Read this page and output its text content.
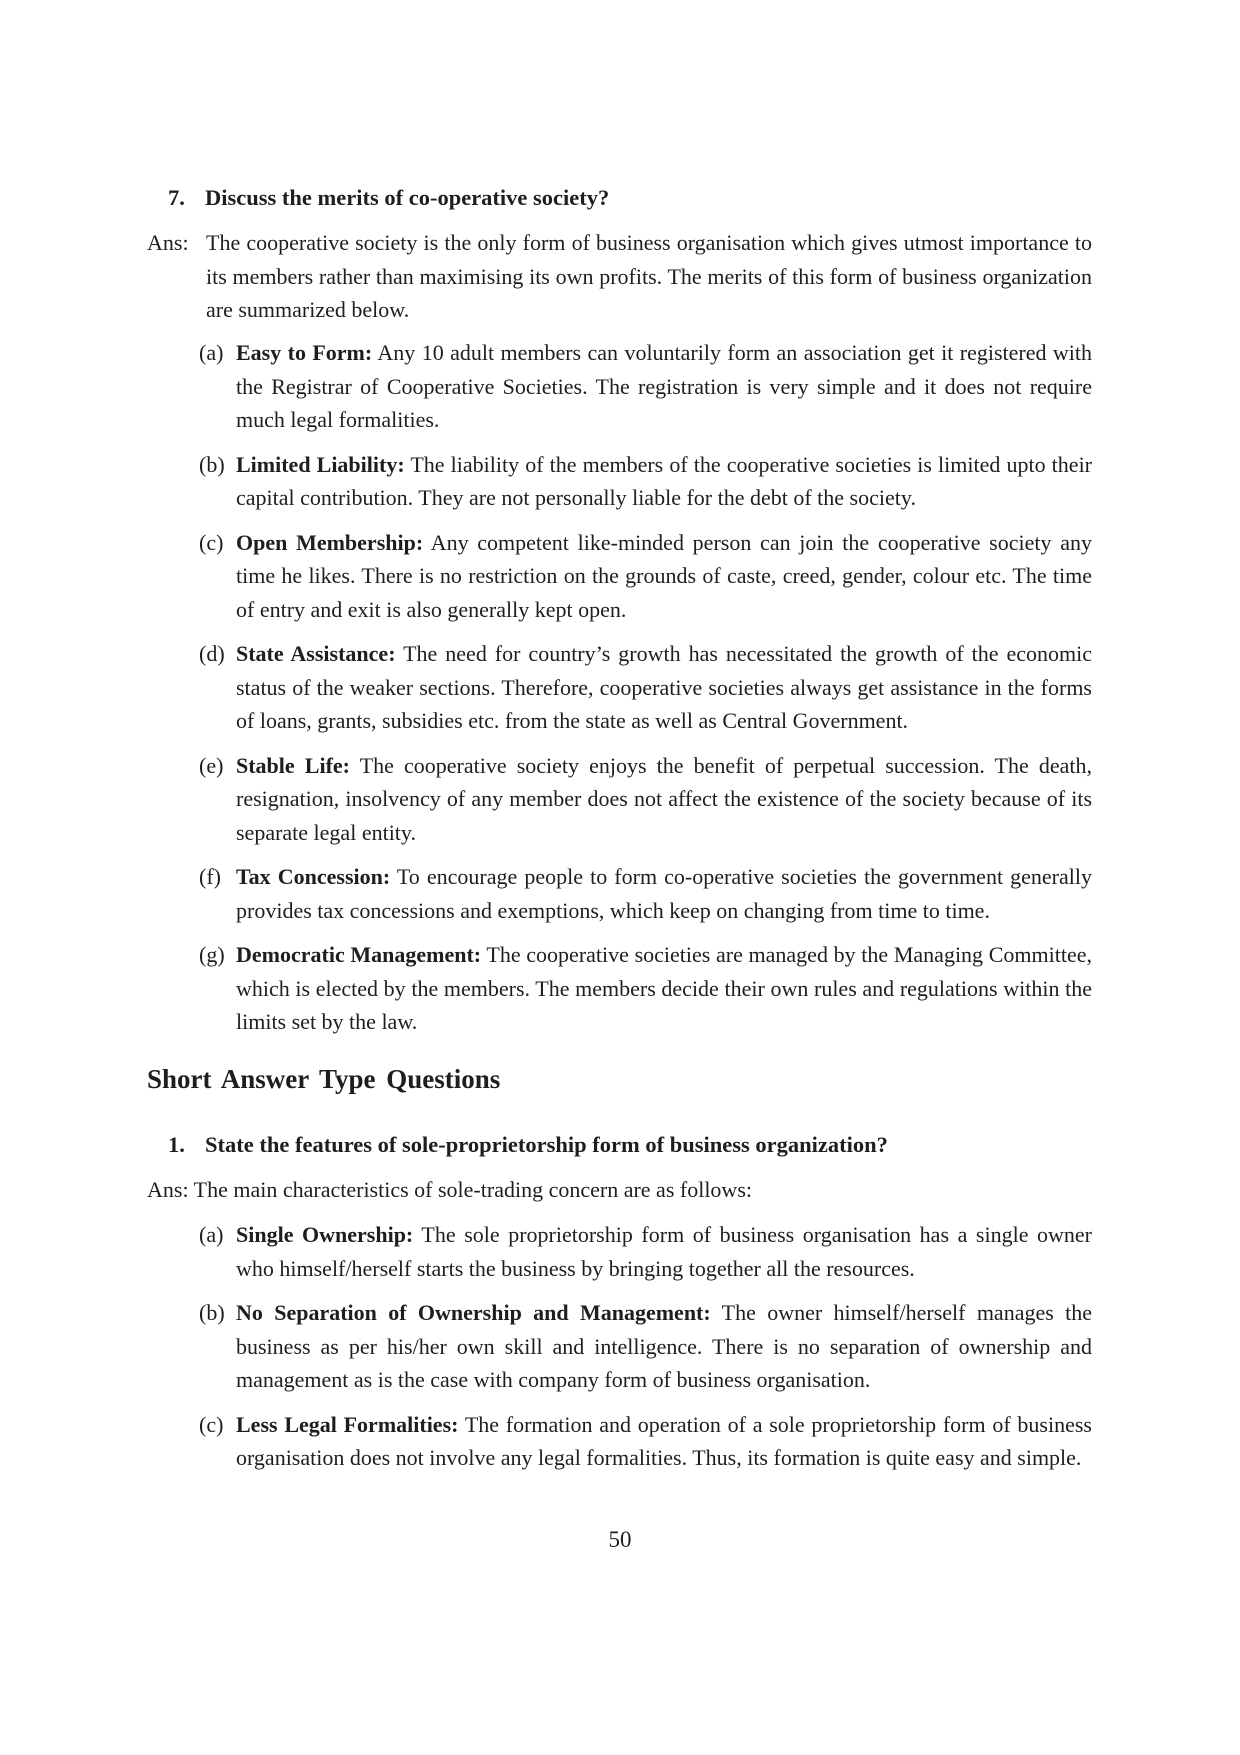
7. Discuss the merits of co-operative society?
Ans: The cooperative society is the only form of business organisation which gives utmost importance to its members rather than maximising its own profits. The merits of this form of business organization are summarized below.
(a) Easy to Form: Any 10 adult members can voluntarily form an association get it registered with the Registrar of Cooperative Societies. The registration is very simple and it does not require much legal formalities.
(b) Limited Liability: The liability of the members of the cooperative societies is limited upto their capital contribution. They are not personally liable for the debt of the society.
(c) Open Membership: Any competent like-minded person can join the cooperative society any time he likes. There is no restriction on the grounds of caste, creed, gender, colour etc. The time of entry and exit is also generally kept open.
(d) State Assistance: The need for country’s growth has necessitated the growth of the economic status of the weaker sections. Therefore, cooperative societies always get assistance in the forms of loans, grants, subsidies etc. from the state as well as Central Government.
(e) Stable Life: The cooperative society enjoys the benefit of perpetual succession. The death, resignation, insolvency of any member does not affect the existence of the society because of its separate legal entity.
(f) Tax Concession: To encourage people to form co-operative societies the government generally provides tax concessions and exemptions, which keep on changing from time to time.
(g) Democratic Management: The cooperative societies are managed by the Managing Committee, which is elected by the members. The members decide their own rules and regulations within the limits set by the law.
Short Answer Type Questions
1. State the features of sole-proprietorship form of business organization?
Ans: The main characteristics of sole-trading concern are as follows:
(a) Single Ownership: The sole proprietorship form of business organisation has a single owner who himself/herself starts the business by bringing together all the resources.
(b) No Separation of Ownership and Management: The owner himself/herself manages the business as per his/her own skill and intelligence. There is no separation of ownership and management as is the case with company form of business organisation.
(c) Less Legal Formalities: The formation and operation of a sole proprietorship form of business organisation does not involve any legal formalities. Thus, its formation is quite easy and simple.
50
